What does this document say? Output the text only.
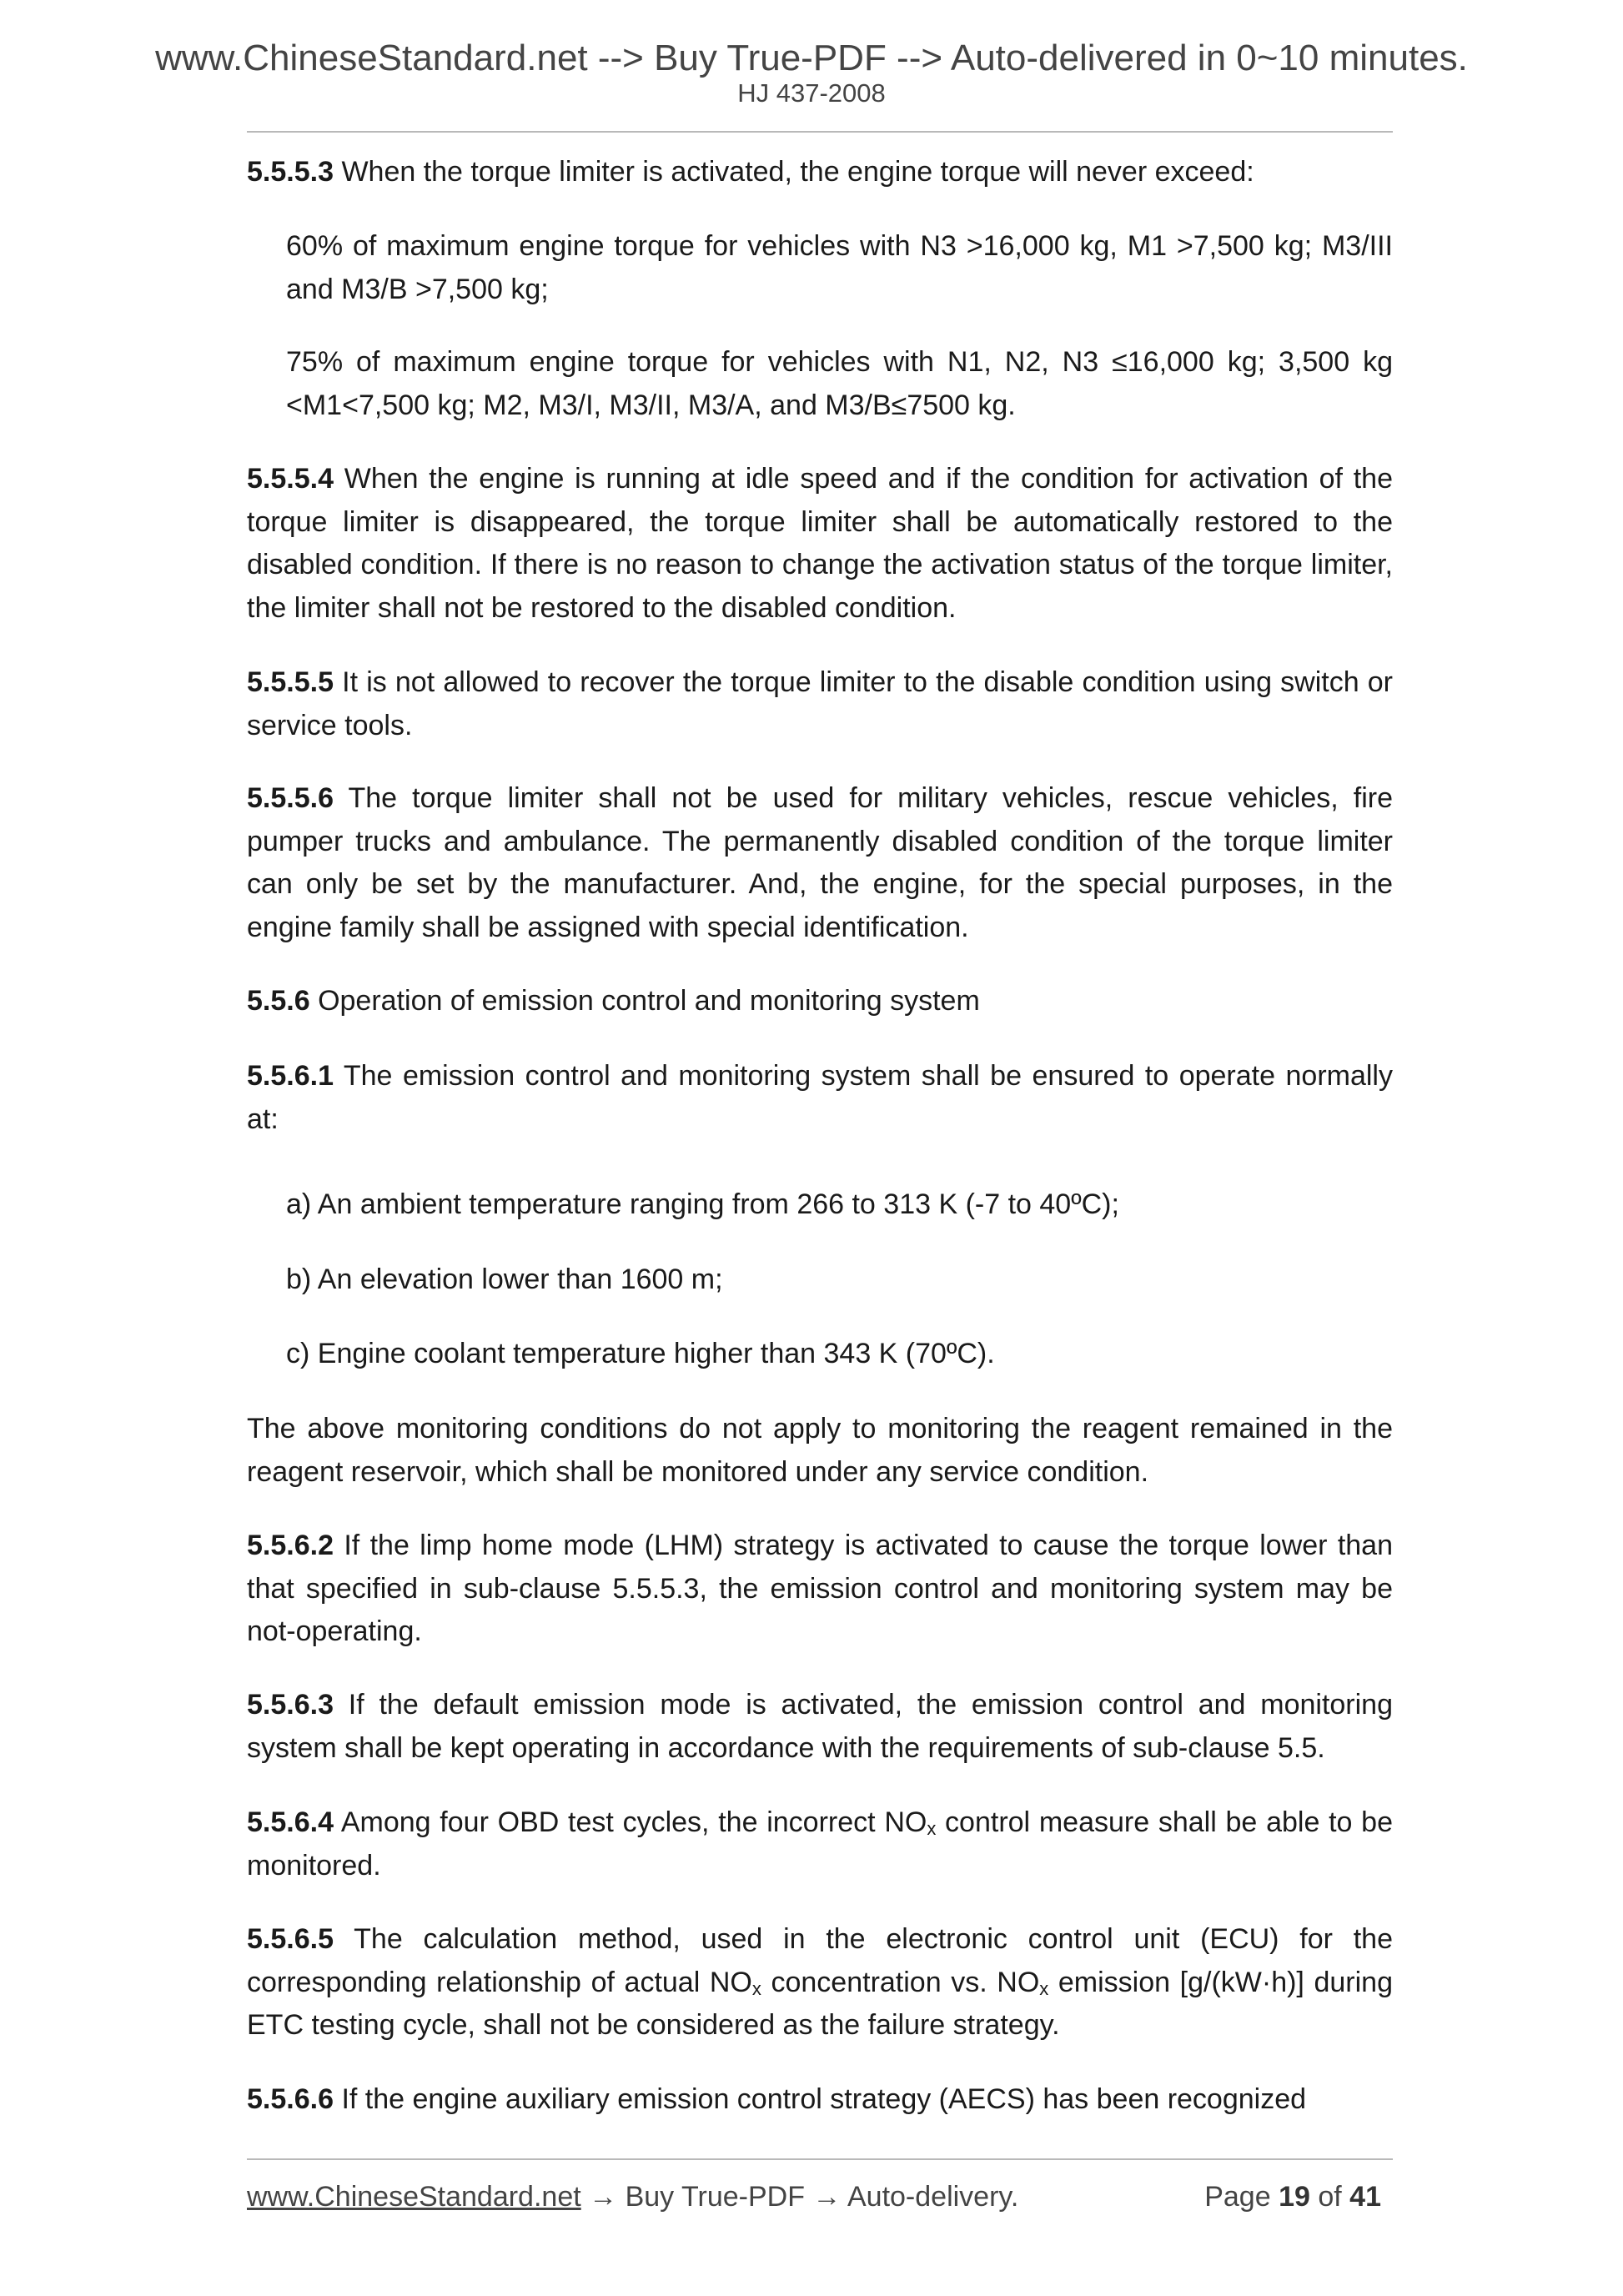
www.ChineseStandard.net --> Buy True-PDF --> Auto-delivered in 0~10 minutes.
HJ 437-2008

5.5.5.3 When the torque limiter is activated, the engine torque will never exceed:

60% of maximum engine torque for vehicles with N3 >16,000 kg, M1 >7,500 kg; M3/III and M3/B >7,500 kg;

75% of maximum engine torque for vehicles with N1, N2, N3 ≤16,000 kg; 3,500 kg <M1<7,500 kg; M2, M3/I, M3/II, M3/A, and M3/B≤7500 kg.

5.5.5.4 When the engine is running at idle speed and if the condition for activation of the torque limiter is disappeared, the torque limiter shall be automatically restored to the disabled condition. If there is no reason to change the activation status of the torque limiter, the limiter shall not be restored to the disabled condition.

5.5.5.5 It is not allowed to recover the torque limiter to the disable condition using switch or service tools.

5.5.5.6 The torque limiter shall not be used for military vehicles, rescue vehicles, fire pumper trucks and ambulance. The permanently disabled condition of the torque limiter can only be set by the manufacturer. And, the engine, for the special purposes, in the engine family shall be assigned with special identification.

5.5.6 Operation of emission control and monitoring system

5.5.6.1 The emission control and monitoring system shall be ensured to operate normally at:

a) An ambient temperature ranging from 266 to 313 K (-7 to 40ºC);

b) An elevation lower than 1600 m;

c) Engine coolant temperature higher than 343 K (70ºC).

The above monitoring conditions do not apply to monitoring the reagent remained in the reagent reservoir, which shall be monitored under any service condition.

5.5.6.2 If the limp home mode (LHM) strategy is activated to cause the torque lower than that specified in sub-clause 5.5.5.3, the emission control and monitoring system may be not-operating.

5.5.6.3 If the default emission mode is activated, the emission control and monitoring system shall be kept operating in accordance with the requirements of sub-clause 5.5.

5.5.6.4 Among four OBD test cycles, the incorrect $NO_x$ control measure shall be able to be monitored.

5.5.6.5 The calculation method, used in the electronic control unit (ECU) for the corresponding relationship of actual $NO_x$ concentration vs. $NO_x$ emission [g/(kW·h)] during ETC testing cycle, shall not be considered as the failure strategy.

5.5.6.6 If the engine auxiliary emission control strategy (AECS) has been recognized

www.ChineseStandard.net → Buy True-PDF → Auto-delivery.	Page 19 of 41
